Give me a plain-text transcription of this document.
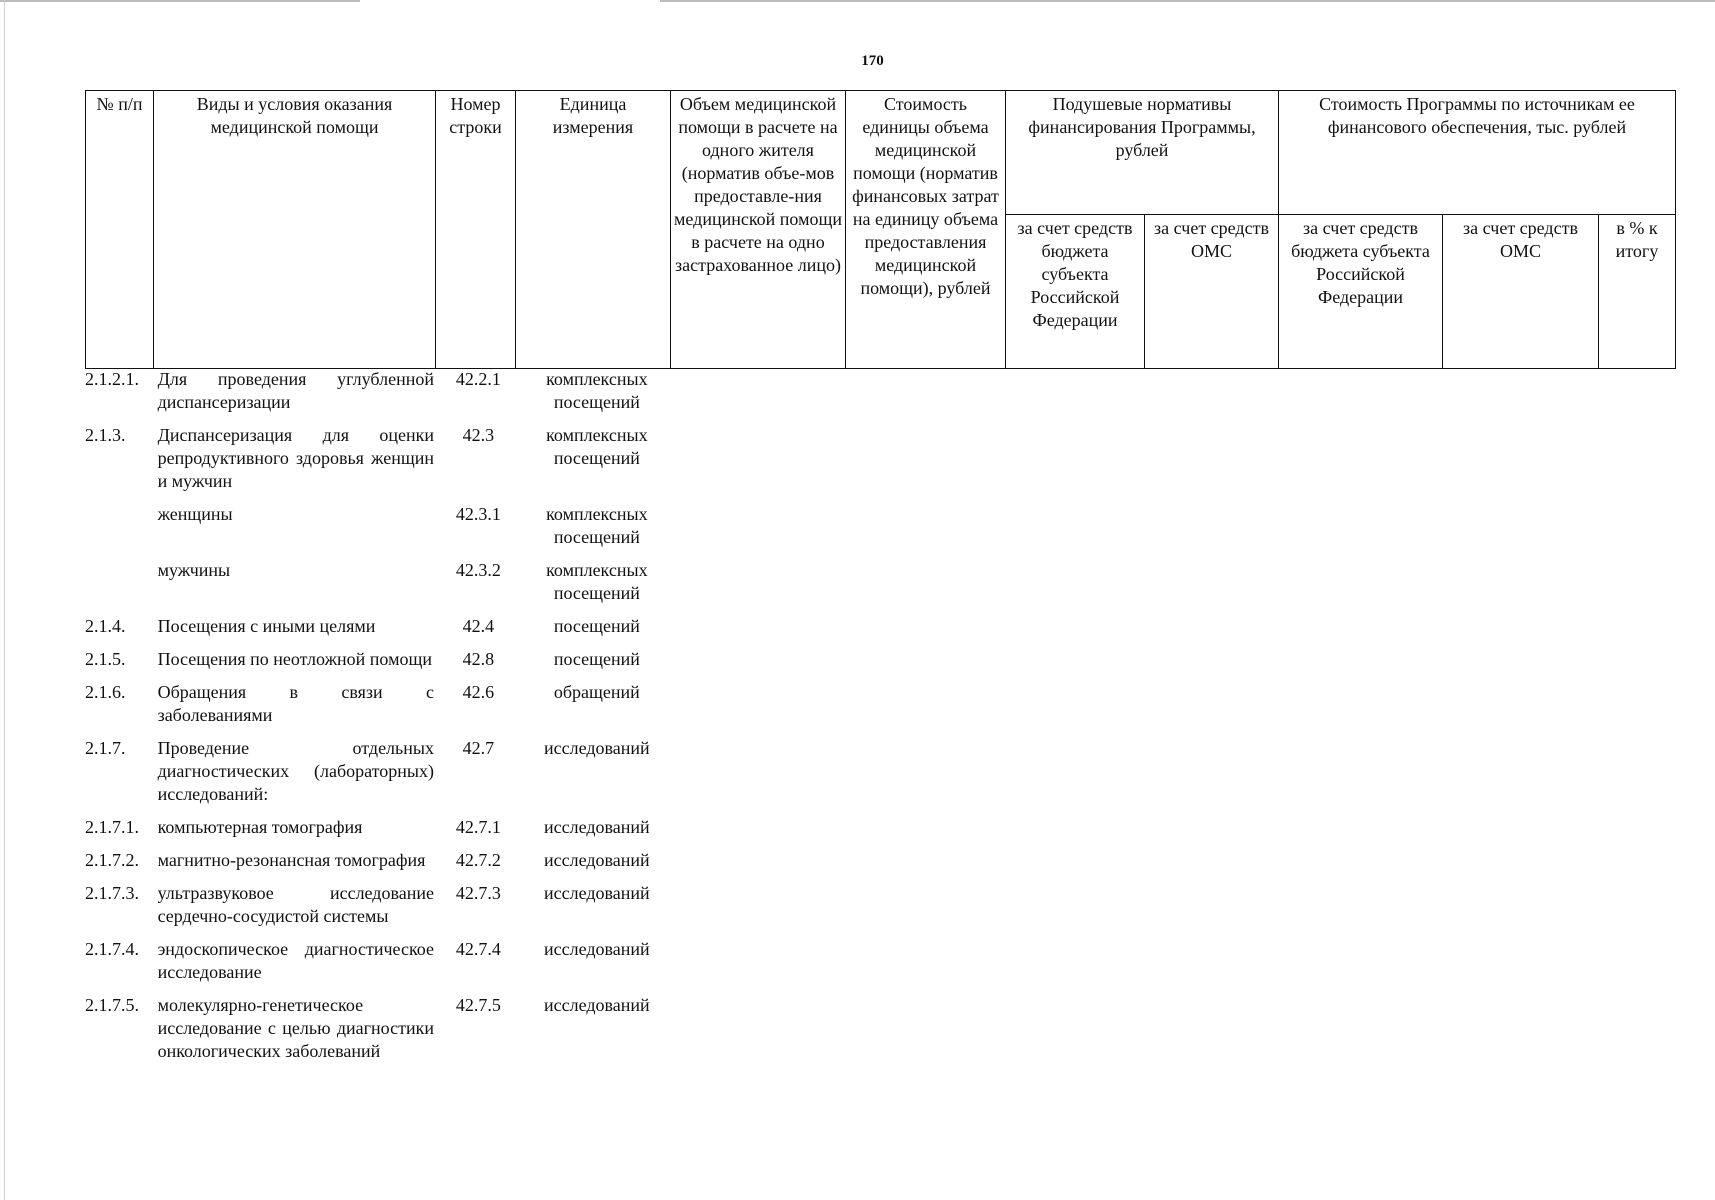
170
№ п/п	Виды и условия оказания медицинской помощи	Номер строки	Единица измерения	Объем медицинской помощи в расчете на одного жителя (норматив объе-мов предоставле-ния медицинской помощи в расчете на одно застрахованное лицо)	Стоимость единицы объема медицинской помощи (норматив финансовых затрат на единицу объема предоставления медицинской помощи), рублей	Подушевые нормативы финансирования Программы, рублей		Стоимость Программы по источникам ее финансового обеспечения, тыс. рублей		
						за счет средств бюджета субъекта Российской Федерации	за счет средств ОМС	за счет средств бюджета субъекта Российской Федерации	за счет средств ОМС	в % к итогу
2.1.2.1.	Для проведения углубленной диспансеризации	42.2.1	комплексных посещений
2.1.3.	Диспансеризация для оценки репродуктивного здоровья женщин и мужчин	42.3	комплексных посещений
	женщины	42.3.1	комплексных посещений
	мужчины	42.3.2	комплексных посещений
2.1.4.	Посещения с иными целями	42.4	посещений
2.1.5.	Посещения по неотложной помощи	42.8	посещений
2.1.6.	Обращения в связи с заболеваниями	42.6	обращений
2.1.7.	Проведение отдельных диагностических (лабораторных) исследований:	42.7	исследований
2.1.7.1.	компьютерная томография	42.7.1	исследований
2.1.7.2.	магнитно-резонансная томография	42.7.2	исследований
2.1.7.3.	ультразвуковое исследование сердечно-сосудистой системы	42.7.3	исследований
2.1.7.4.	эндоскопическое диагностическое исследование	42.7.4	исследований
2.1.7.5.	молекулярно-генетическое исследование с целью диагностики онкологических заболеваний	42.7.5	исследований
